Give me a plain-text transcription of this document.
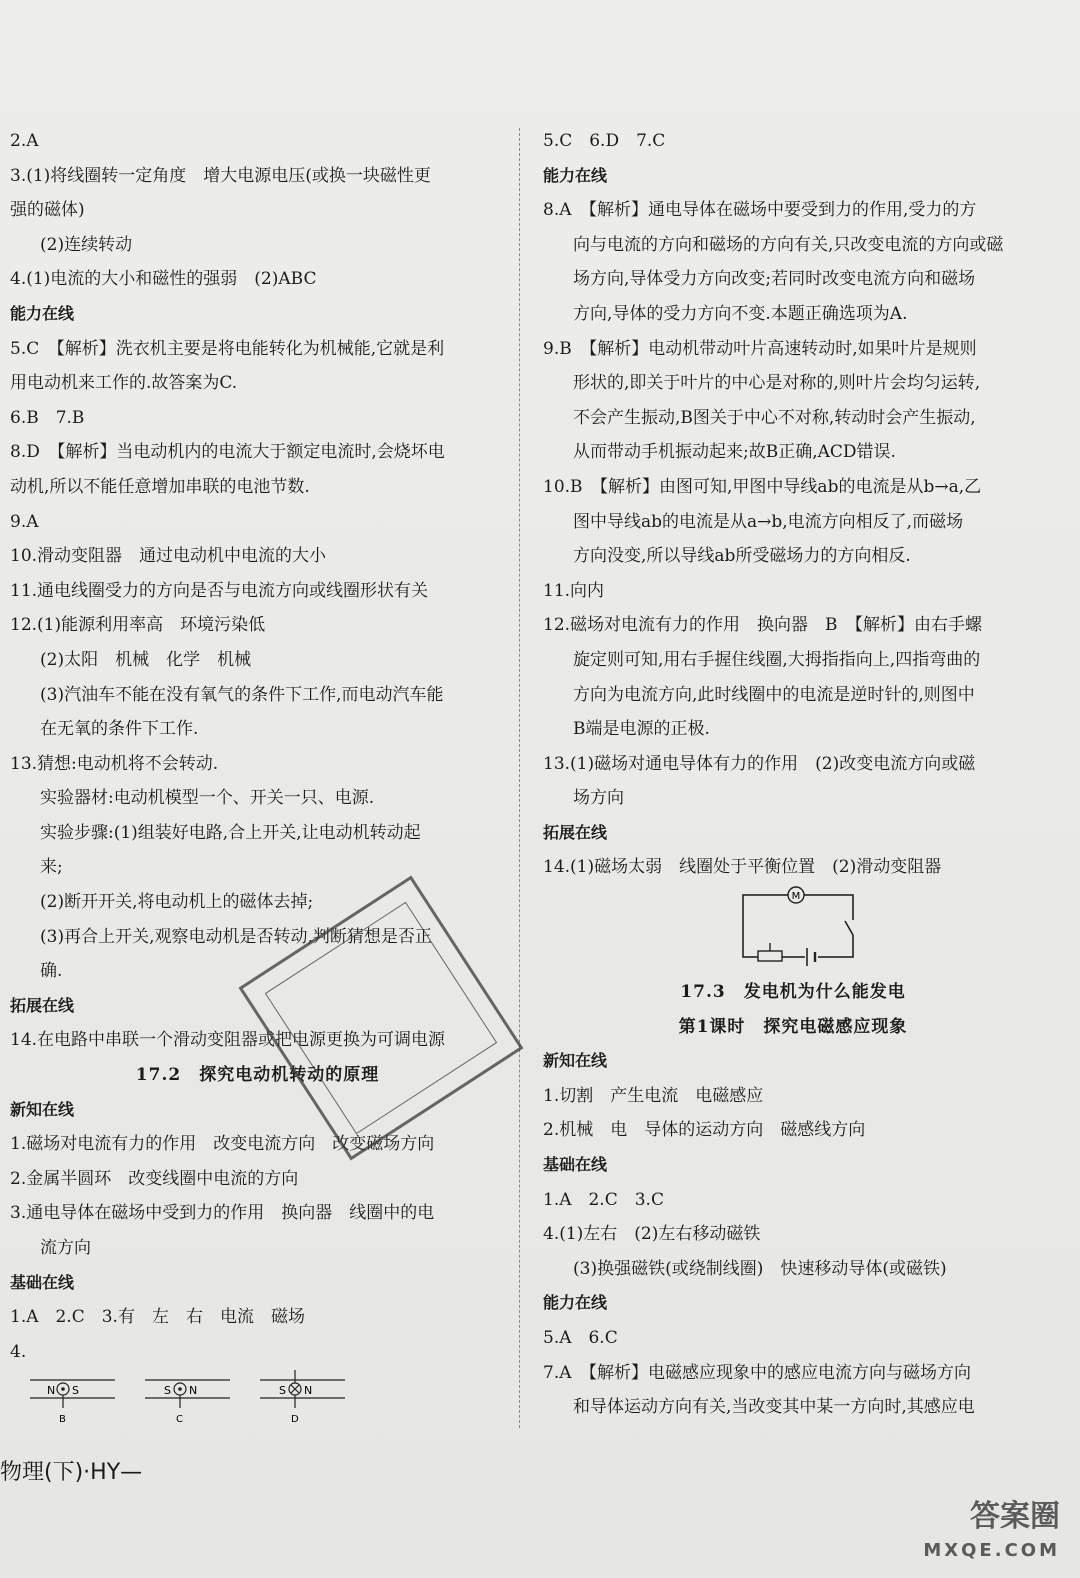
2.A
3.(1)将线圈转一定角度　增大电源电压(或换一块磁性更
强的磁体)
(2)连续转动
4.(1)电流的大小和磁性的强弱　(2)ABC
能力在线
5.C　【解析】洗衣机主要是将电能转化为机械能,它就是利
用电动机来工作的.故答案为C.
6.B　7.B
8.D　【解析】当电动机内的电流大于额定电流时,会烧坏电
动机,所以不能任意增加串联的电池节数.
9.A
10.滑动变阻器　通过电动机中电流的大小
11.通电线圈受力的方向是否与电流方向或线圈形状有关
12.(1)能源利用率高　环境污染低
(2)太阳　机械　化学　机械
(3)汽油车不能在没有氧气的条件下工作,而电动汽车能
在无氧的条件下工作.
13.猜想:电动机将不会转动.
实验器材:电动机模型一个、开关一只、电源.
实验步骤:(1)组装好电路,合上开关,让电动机转动起
来;
(2)断开开关,将电动机上的磁体去掉;
(3)再合上开关,观察电动机是否转动,判断猜想是否正
确.
拓展在线
14.在电路中串联一个滑动变阻器或把电源更换为可调电源
17.2　探究电动机转动的原理
新知在线
1.磁场对电流有力的作用　改变电流方向　改变磁场方向
2.金属半圆环　改变线圈中电流的方向
3.通电导体在磁场中受到力的作用　换向器　线圈中的电
流方向
基础在线
1.A　2.C　3.有　左　右　电流　磁场
4.
5.C　6.D　7.C
能力在线
8.A　【解析】通电导体在磁场中要受到力的作用,受力的方
向与电流的方向和磁场的方向有关,只改变电流的方向或磁
场方向,导体受力方向改变;若同时改变电流方向和磁场
方向,导体的受力方向不变.本题正确选项为A.
9.B　【解析】电动机带动叶片高速转动时,如果叶片是规则
形状的,即关于叶片的中心是对称的,则叶片会均匀运转,
不会产生振动,B图关于中心不对称,转动时会产生振动,
从而带动手机振动起来;故B正确,ACD错误.
10.B　【解析】由图可知,甲图中导线ab的电流是从b→a,乙
图中导线ab的电流是从a→b,电流方向相反了,而磁场
方向没变,所以导线ab所受磁场力的方向相反.
11.向内
12.磁场对电流有力的作用　换向器　B　【解析】由右手螺
旋定则可知,用右手握住线圈,大拇指指向上,四指弯曲的
方向为电流方向,此时线圈中的电流是逆时针的,则图中
B端是电源的正极.
13.(1)磁场对通电导体有力的作用　(2)改变电流方向或磁
场方向
拓展在线
14.(1)磁场太弱　线圈处于平衡位置　(2)滑动变阻器
M
17.3　发电机为什么能发电
第1课时　探究电磁感应现象
新知在线
1.切割　产生电流　电磁感应
2.机械　电　导体的运动方向　磁感线方向
基础在线
1.A　2.C　3.C
4.(1)左右　(2)左右移动磁铁
(3)换强磁铁(或绕制线圈)　快速移动导体(或磁铁)
能力在线
5.A　6.C
7.A　【解析】电磁感应现象中的感应电流方向与磁场方向
和导体运动方向有关,当改变其中某一方向时,其感应电
N S
B
S N
C
S N
D
物理(下)·HY—
答案圈
MXQE.COM
